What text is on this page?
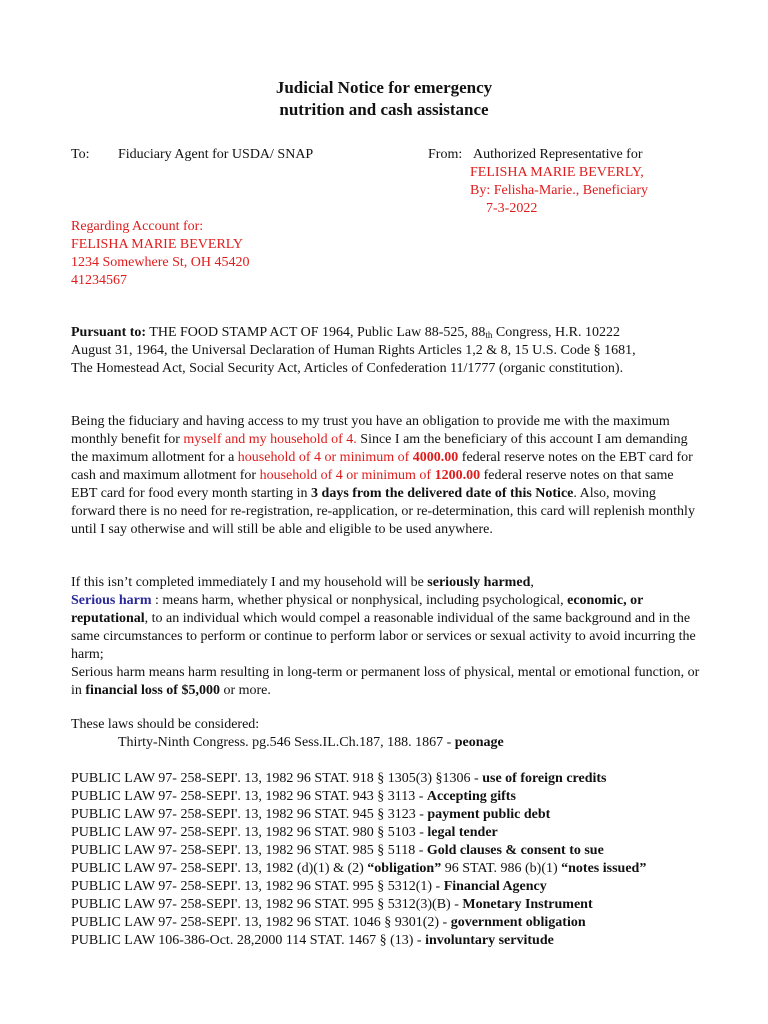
Judicial Notice for emergency
nutrition and cash assistance
To: Fiduciary Agent for USDA/ SNAP	From: Authorized Representative for
FELISHA MARIE BEVERLY,
By: Felisha-Marie., Beneficiary
7-3-2022
Regarding Account for:
FELISHA MARIE BEVERLY
1234 Somewhere St, OH 45420
41234567
Pursuant to: THE FOOD STAMP ACT OF 1964, Public Law 88-525, $88_{th}$ Congress, H.R. 10222
August 31, 1964, the Universal Declaration of Human Rights Articles 1,2 & 8, 15 U.S. Code § 1681,
The Homestead Act, Social Security Act, Articles of Confederation 11/1777 (organic constitution).
Being the fiduciary and having access to my trust you have an obligation to provide me with the maximum monthly benefit for myself and my household of 4. Since I am the beneficiary of this account I am demanding the maximum allotment for a household of 4 or minimum of 4000.00 federal reserve notes on the EBT card for cash and maximum allotment for household of 4 or minimum of 1200.00 federal reserve notes on that same EBT card for food every month starting in 3 days from the delivered date of this Notice. Also, moving forward there is no need for re-registration, re-application, or re-determination, this card will replenish monthly until I say otherwise and will still be able and eligible to be used anywhere.
If this isn’t completed immediately I and my household will be seriously harmed,
Serious harm : means harm, whether physical or nonphysical, including psychological, economic, or reputational, to an individual which would compel a reasonable individual of the same background and in the same circumstances to perform or continue to perform labor or services or sexual activity to avoid incurring the harm;
Serious harm means harm resulting in long-term or permanent loss of physical, mental or emotional function, or in financial loss of $5,000 or more.
These laws should be considered:
Thirty-Ninth Congress. pg.546 Sess.IL.Ch.187, 188. 1867 - peonage
PUBLIC LAW 97- 258-SEPI'. 13, 1982 96 STAT. 918 § 1305(3) §1306 - use of foreign credits
PUBLIC LAW 97- 258-SEPI'. 13, 1982 96 STAT. 943 § 3113 - Accepting gifts
PUBLIC LAW 97- 258-SEPI'. 13, 1982 96 STAT. 945 § 3123 - payment public debt
PUBLIC LAW 97- 258-SEPI'. 13, 1982 96 STAT. 980 § 5103 - legal tender
PUBLIC LAW 97- 258-SEPI'. 13, 1982 96 STAT. 985 § 5118 - Gold clauses & consent to sue
PUBLIC LAW 97- 258-SEPI'. 13, 1982 (d)(1) & (2) “obligation” 96 STAT. 986 (b)(1) “notes issued”
PUBLIC LAW 97- 258-SEPI'. 13, 1982 96 STAT. 995 § 5312(1) - Financial Agency
PUBLIC LAW 97- 258-SEPI'. 13, 1982 96 STAT. 995 § 5312(3)(B) - Monetary Instrument
PUBLIC LAW 97- 258-SEPI'. 13, 1982 96 STAT. 1046 § 9301(2) - government obligation
PUBLIC LAW 106-386-Oct. 28,2000 114 STAT. 1467 § (13) - involuntary servitude
